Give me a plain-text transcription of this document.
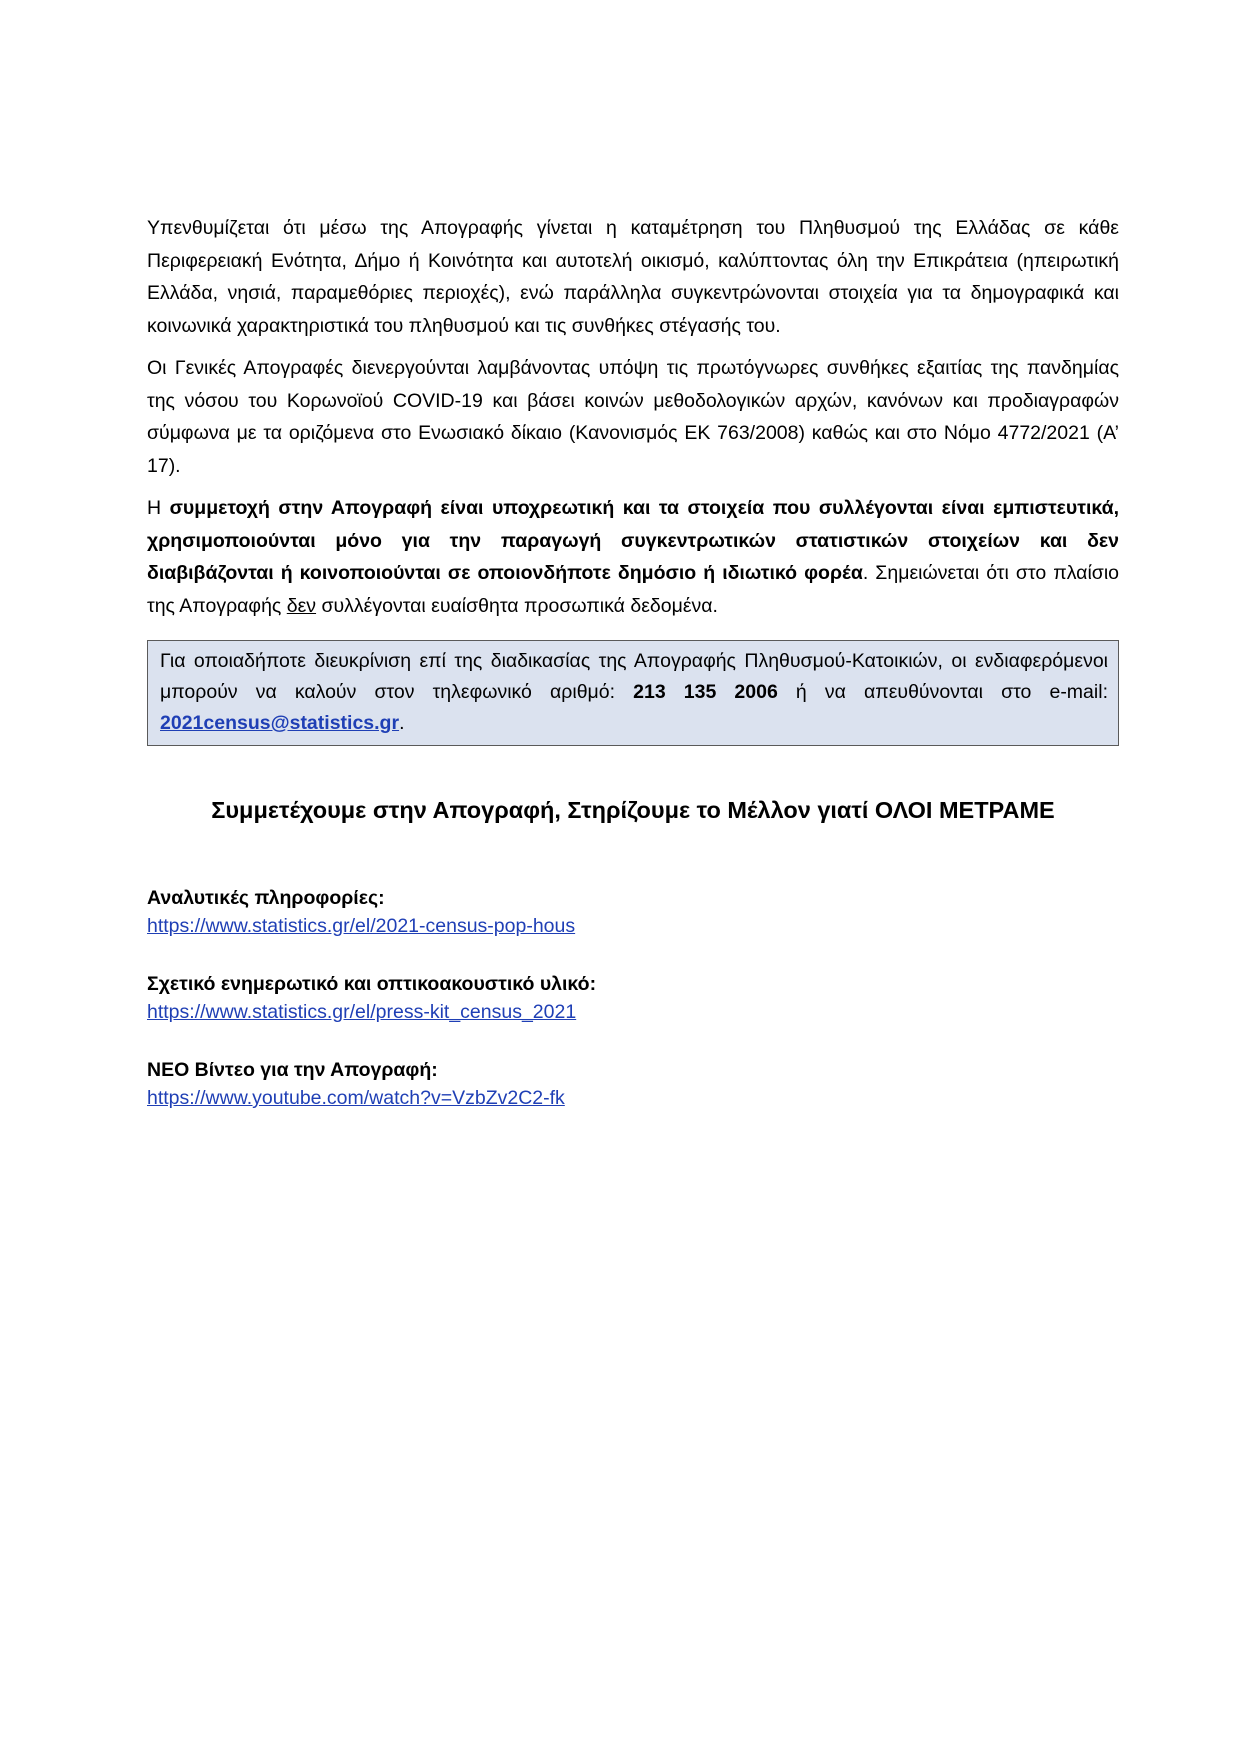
Υπενθυμίζεται ότι μέσω της Απογραφής γίνεται η καταμέτρηση του Πληθυσμού της Ελλάδας σε κάθε Περιφερειακή Ενότητα, Δήμο ή Κοινότητα και αυτοτελή οικισμό, καλύπτοντας όλη την Επικράτεια (ηπειρωτική Ελλάδα, νησιά, παραμεθόριες περιοχές), ενώ παράλληλα συγκεντρώνονται στοιχεία για τα δημογραφικά και κοινωνικά χαρακτηριστικά του πληθυσμού και τις συνθήκες στέγασής του.

Οι Γενικές Απογραφές διενεργούνται λαμβάνοντας υπόψη τις πρωτόγνωρες συνθήκες εξαιτίας της πανδημίας της νόσου του Κορωνοϊού COVID-19 και βάσει κοινών μεθοδολογικών αρχών, κανόνων και προδιαγραφών σύμφωνα με τα οριζόμενα στο Ενωσιακό δίκαιο (Κανονισμός ΕΚ 763/2008) καθώς και στο Νόμο 4772/2021 (Α’ 17).

Η συμμετοχή στην Απογραφή είναι υποχρεωτική και τα στοιχεία που συλλέγονται είναι εμπιστευτικά, χρησιμοποιούνται μόνο για την παραγωγή συγκεντρωτικών στατιστικών στοιχείων και δεν διαβιβάζονται ή κοινοποιούνται σε οποιονδήποτε δημόσιο ή ιδιωτικό φορέα. Σημειώνεται ότι στο πλαίσιο της Απογραφής δεν συλλέγονται ευαίσθητα προσωπικά δεδομένα.

Για οποιαδήποτε διευκρίνιση επί της διαδικασίας της Απογραφής Πληθυσμού-Κατοικιών, οι ενδιαφερόμενοι μπορούν να καλούν στον τηλεφωνικό αριθμό: 213 135 2006 ή να απευθύνονται στο e-mail: 2021census@statistics.gr.
Συμμετέχουμε στην Απογραφή, Στηρίζουμε το Μέλλον γιατί ΟΛΟΙ ΜΕΤΡΑΜΕ
Αναλυτικές πληροφορίες:
https://www.statistics.gr/el/2021-census-pop-hous
Σχετικό ενημερωτικό και οπτικοακουστικό υλικό:
https://www.statistics.gr/el/press-kit_census_2021
ΝΕΟ Βίντεο για την Απογραφή:
https://www.youtube.com/watch?v=VzbZv2C2-fk
